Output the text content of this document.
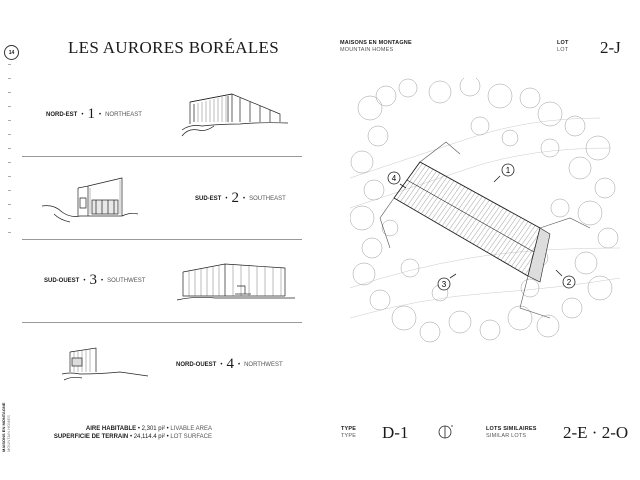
14
MAISONS EN MONTAGNE MOUNTAIN HOMES
LES AURORES BORÉALES	MAISONS EN MONTAGNE
MOUNTAIN HOMES
LOT
LOT 2-J
NORD-EST • 1 • NORTHEAST
SUD-EST • 2 • SOUTHEAST
SUD-OUEST • 3 • SOUTHWEST
NORD-OUEST • 4 • NORTHWEST
1
2
3
4
AIRE HABITABLE • 2,301 pi² • LIVABLE AREA
SUPERFICIE DE TERRAIN • 24,114.4 pi² • LOT SURFACE
TYPE
TYPE D-1	LOTS SIMILAIRES
SIMILAR LOTS	2-E · 2-O
